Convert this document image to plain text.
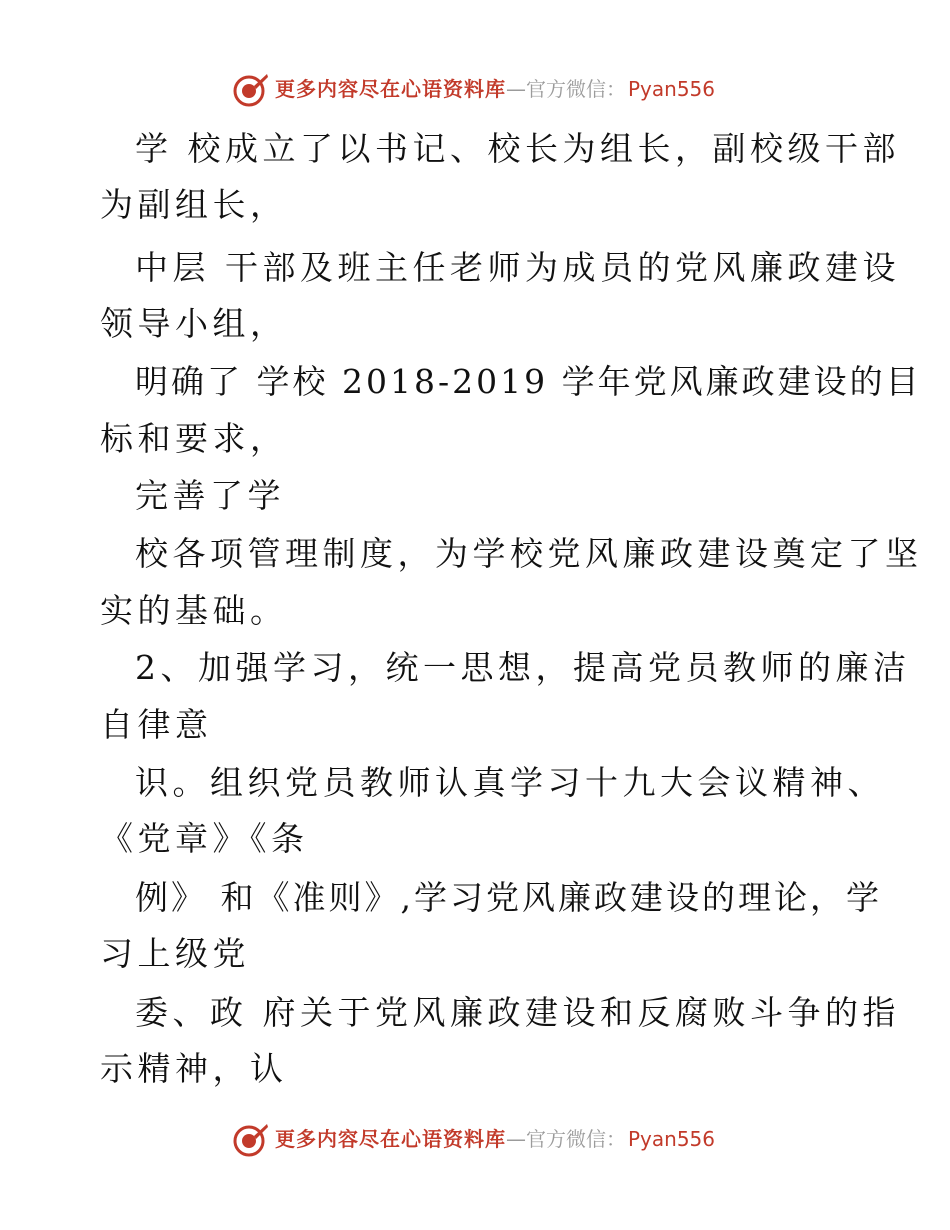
更多内容尽在心语资料库—官方微信： Pyan556
学 校成立了以书记、校长为组长，副校级干部
为副组长，
中层 干部及班主任老师为成员的党风廉政建设
领导小组，
明确了 学校 2018-2019 学年党风廉政建设的目
标和要求，
完善了学
校各项管理制度，为学校党风廉政建设奠定了坚
实的基础。
2、加强学习，统一思想，提高党员教师的廉洁
自律意
识。组织党员教师认真学习十九大会议精神、
《党章》《条
例》 和《准则》,学习党风廉政建设的理论，学
习上级党
委、政 府关于党风廉政建设和反腐败斗争的指
示精神，认
更多内容尽在心语资料库—官方微信： Pyan556
